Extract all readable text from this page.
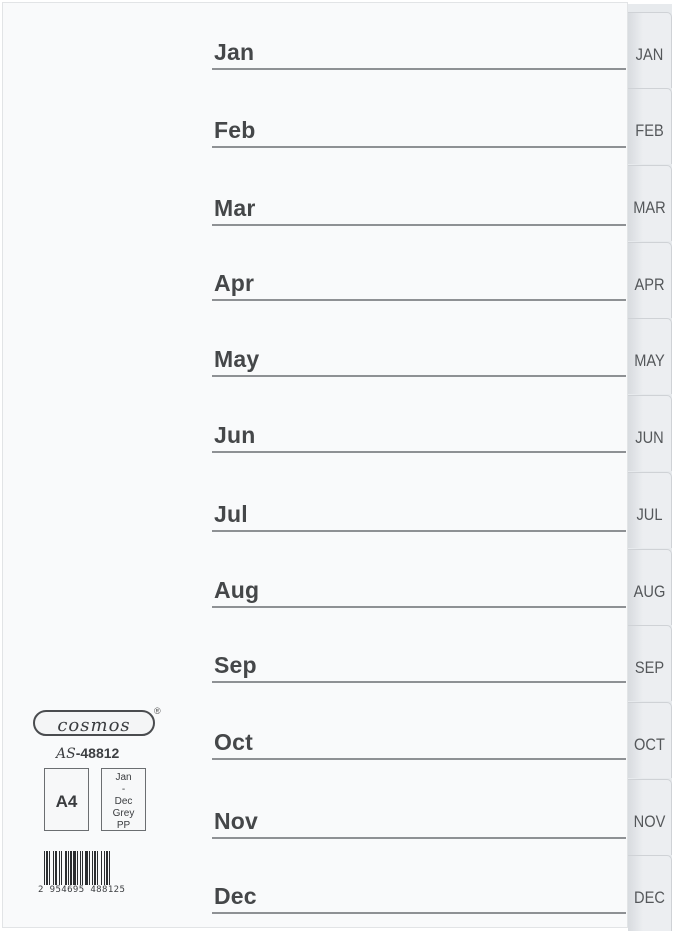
Jan
Feb
Mar
Apr
May
Jun
Jul
Aug
Sep
Oct
Nov
Dec
JAN
FEB
MAR
APR
MAY
JUN
JUL
AUG
SEP
OCT
NOV
DEC
cosmos
®
AS-48812
A4
Jan
-
Dec
Grey
PP
2 954695 488125
